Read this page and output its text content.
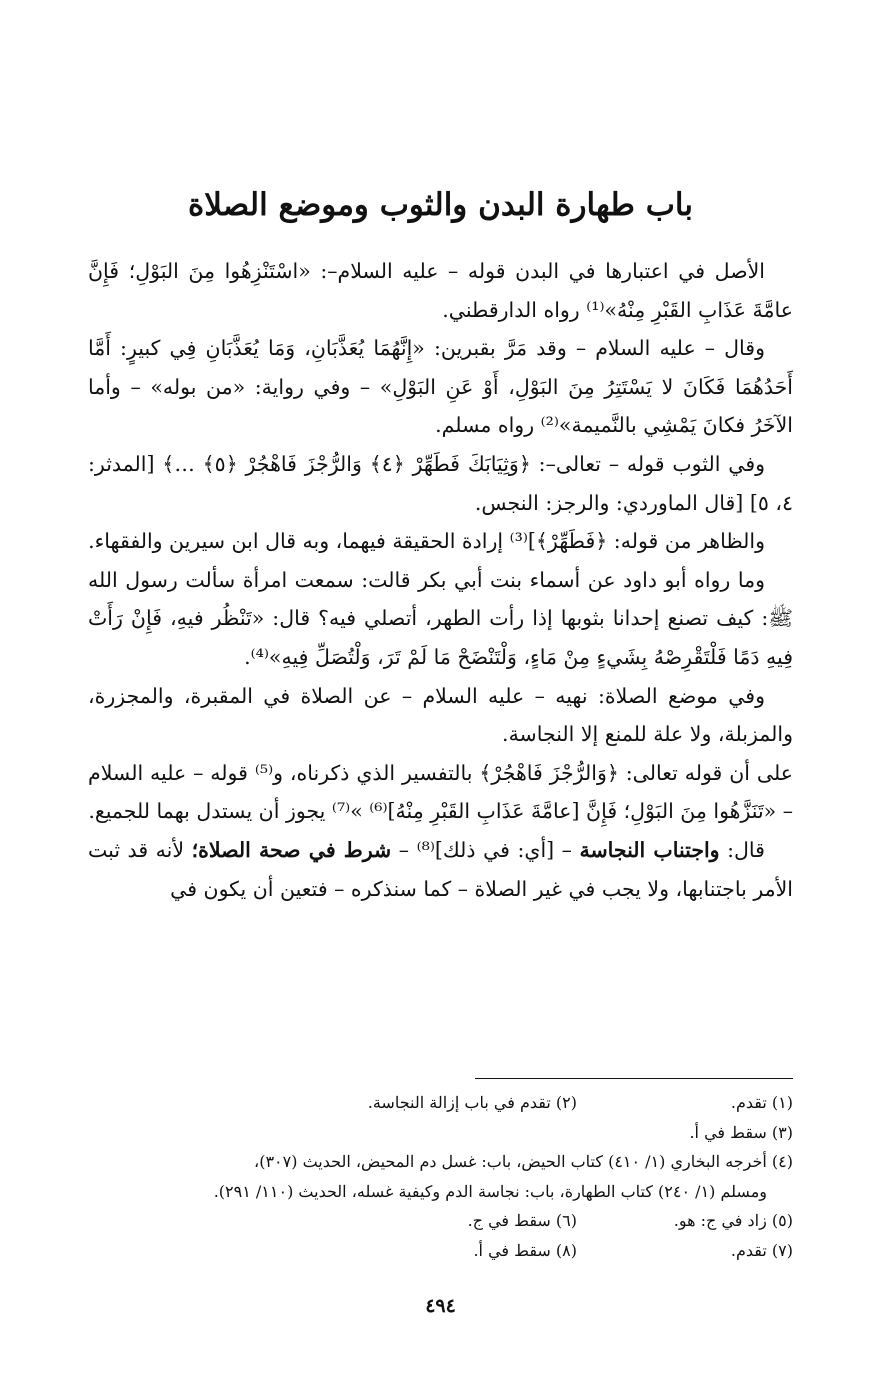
باب طهارة البدن والثوب وموضع الصلاة

الأصل في اعتبارها في البدن قوله – عليه السلام–: «اسْتَنْزِهُوا مِنَ البَوْلِ؛ فَإِنَّ عامَّةَ عَذَابِ القَبْرِ مِنْهُ»⁽¹⁾ رواه الدارقطني.

وقال – عليه السلام – وقد مَرَّ بقبرين: «إِنَّهُمَا يُعَذَّبَانِ، وَمَا يُعَذَّبَانِ فِي كبيرٍ: أَمَّا أَحَدُهُمَا فَكَانَ لا يَسْتَتِرُ مِنَ البَوْلِ، أَوْ عَنِ البَوْلِ» – وفي رواية: «من بوله» – وأما الآخَرُ فكانَ يَمْشِي بالنَّميمة»⁽²⁾ رواه مسلم.

وفي الثوب قوله – تعالى–: ﴿وَثِيَابَكَ فَطَهِّرْ ﴿٤﴾ وَالرُّجْزَ فَاهْجُرْ ﴿٥﴾ …﴾ [المدثر: ٤، ٥] [قال الماوردي: والرجز: النجس.

والظاهر من قوله: ﴿فَطَهِّرْ﴾]⁽³⁾ إرادة الحقيقة فيهما، وبه قال ابن سيرين والفقهاء.

وما رواه أبو داود عن أسماء بنت أبي بكر قالت: سمعت امرأة سألت رسول الله ﷺ: كيف تصنع إحدانا بثوبها إذا رأت الطهر، أتصلي فيه؟ قال: «تَنْظُر فيهِ، فَإِنْ رَأَتْ فِيهِ دَمًا فَلْتَقْرِصْهُ بِشَيءٍ مِنْ مَاءٍ، وَلْتَنْضَحْ مَا لَمْ تَرَ، وَلْتُصَلِّ فِيهِ»⁽⁴⁾.

وفي موضع الصلاة: نهيه – عليه السلام – عن الصلاة في المقبرة، والمجزرة، والمزبلة، ولا علة للمنع إلا النجاسة.

على أن قوله تعالى: ﴿وَالرُّجْزَ فَاهْجُرْ﴾ بالتفسير الذي ذكرناه، و⁽⁵⁾ قوله – عليه السلام – «تَنَزَّهُوا مِنَ البَوْلِ؛ فَإِنَّ [عامَّةَ عَذَابِ القَبْرِ مِنْهُ]⁽⁶⁾ »⁽⁷⁾ يجوز أن يستدل بهما للجميع.

قال: واجتناب النجاسة – [أي: في ذلك]⁽⁸⁾ – شرط في صحة الصلاة؛ لأنه قد ثبت الأمر باجتنابها، ولا يجب في غير الصلاة – كما سنذكره – فتعين أن يكون في

(١) تقدم.
(٢) تقدم في باب إزالة النجاسة.
(٣) سقط في أ.
(٤) أخرجه البخاري (١/ ٤١٠) كتاب الحيض، باب: غسل دم المحيض، الحديث (٣٠٧)،
ومسلم (١/ ٢٤٠) كتاب الطهارة، باب: نجاسة الدم وكيفية غسله، الحديث (١١٠/ ٢٩١).
(٥) زاد في ج: هو.
(٦) سقط في ج.
(٧) تقدم.
(٨) سقط في أ.
٤٩٤
